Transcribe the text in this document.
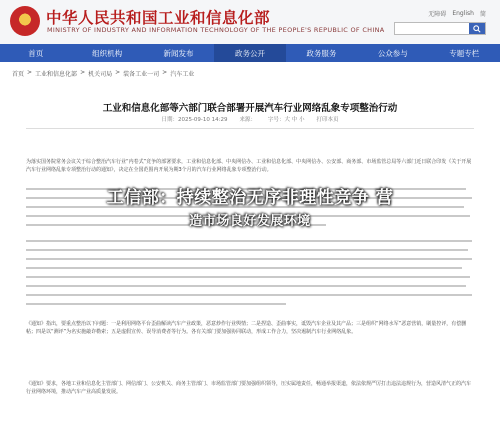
中华人民共和国工业和信息化部
MINISTRY OF INDUSTRY AND INFORMATION TECHNOLOGY OF THE PEOPLE'S REPUBLIC OF CHINA
无障碍 English 简
首页	组织机构	新闻发布	政务公开	政务服务	公众参与	专题专栏
首页 > 工业和信息化部 > 机关司局 > 装备工业一司 > 汽车工业
工业和信息化部等六部门联合部署开展汽车行业网络乱象专项整治行动
日期：2025-09-10 14:29 来源： 字号：大 中 小 打印本页
为落实国务院常务会议关于综合整治汽车行业“内卷式”竞争的部署要求，工业和信息化部、中央网信办、工业和信息化部、中央网信办、公安部、商务部、市场监管总局等六部门近日联合印发《关于开展汽车行业网络乱象专项整治行动的通知》，决定在全国范围内开展为期3个月的汽车行业网络乱象专项整治行动。
《通知》指出，要重点整治以下问题：一是利用网络平台歪曲解读汽车产业政策，恶意炒作行业舆情；二是捏造、歪曲事实，诋毁汽车企业及其产品；三是组织“网络水军”恶意营销，刷量控评，有偿删帖；四是以“测评”为名实施敲诈勒索；五是虚假宣传、误导消费者等行为。各有关部门要加强协同联动，形成工作合力，坚决遏制汽车行业网络乱象。
《通知》要求，各地工业和信息化主管部门、网信部门、公安机关、商务主管部门、市场监管部门要加强组织领导，压实属地责任，畅通举报渠道，依法依规严厉打击违法违规行为，营造风清气正的汽车行业网络环境，推动汽车产业高质量发展。
工信部：持续整治无序非理性竞争 营
造市场良好发展环境
